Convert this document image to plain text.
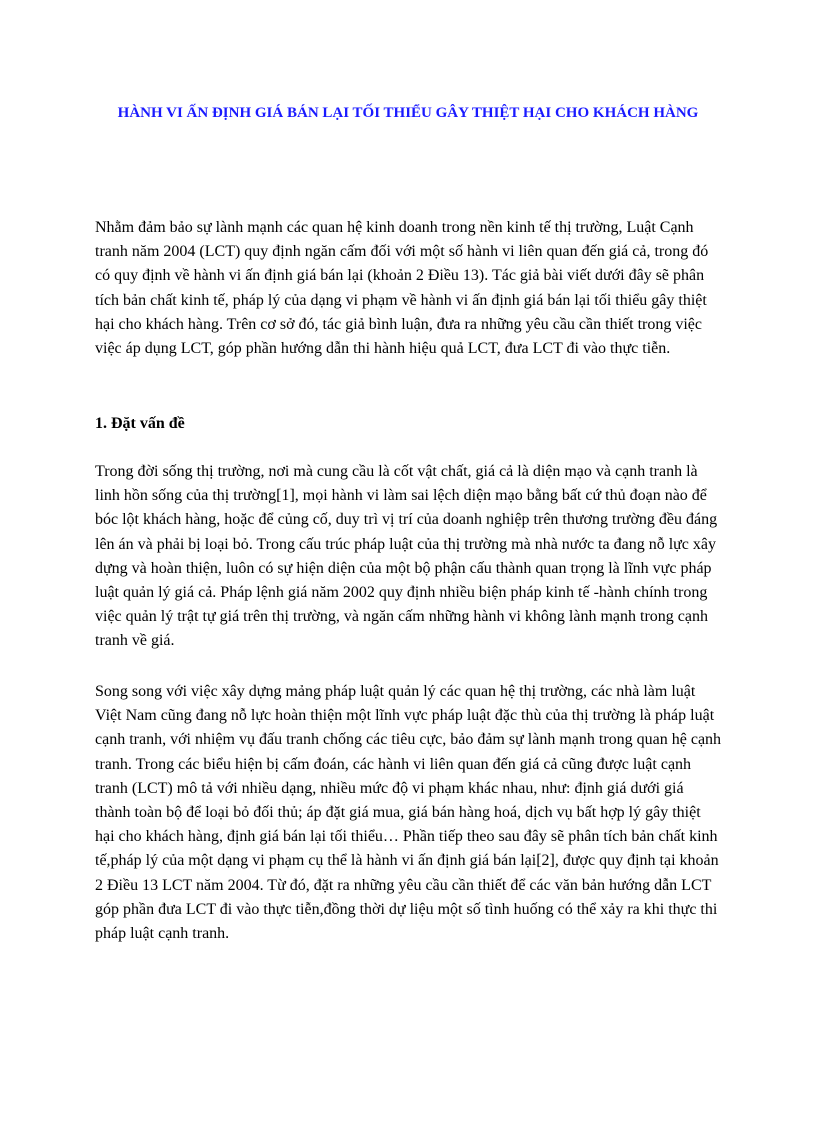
HÀNH VI ẤN ĐỊNH GIÁ BÁN LẠI TỐI THIỂU GÂY THIỆT HẠI CHO KHÁCH HÀNG

Nhằm đảm bảo sự lành mạnh các quan hệ kinh doanh trong nền kinh tế thị trường, Luật Cạnh tranh năm 2004 (LCT) quy định ngăn cấm đối với một số hành vi liên quan đến giá cả, trong đó có quy định về hành vi ấn định giá bán lại (khoản 2 Điều 13). Tác giả bài viết dưới đây sẽ phân tích bản chất kinh tế, pháp lý của dạng vi phạm về hành vi ấn định giá bán lại tối thiểu gây thiệt hại cho khách hàng. Trên cơ sở đó, tác giả bình luận, đưa ra những yêu cầu cần thiết trong việc việc áp dụng LCT, góp phần hướng dẫn thi hành hiệu quả LCT, đưa LCT đi vào thực tiễn.

1. Đặt vấn đề

Trong đời sống thị trường, nơi mà cung cầu là cốt vật chất, giá cả là diện mạo và cạnh tranh là linh hồn sống của thị trường[1], mọi hành vi làm sai lệch diện mạo bằng bất cứ thủ đoạn nào để bóc lột khách hàng, hoặc để củng cố, duy trì vị trí của doanh nghiệp trên thương trường đều đáng lên án và phải bị loại bỏ. Trong cấu trúc pháp luật của thị trường mà nhà nước ta đang nỗ lực xây dựng và hoàn thiện, luôn có sự hiện diện của một bộ phận cấu thành quan trọng là lĩnh vực pháp luật quản lý giá cả. Pháp lệnh giá năm 2002 quy định nhiều biện pháp kinh tế -hành chính trong việc quản lý trật tự giá trên thị trường, và ngăn cấm những hành vi không lành mạnh trong cạnh tranh về giá.

Song song với việc xây dựng mảng pháp luật quản lý các quan hệ thị trường, các nhà làm luật Việt Nam cũng đang nỗ lực hoàn thiện một lĩnh vực pháp luật đặc thù của thị trường là pháp luật cạnh tranh, với nhiệm vụ đấu tranh chống các tiêu cực, bảo đảm sự lành mạnh trong quan hệ cạnh tranh. Trong các biểu hiện bị cấm đoán, các hành vi liên quan đến giá cả cũng được luật cạnh tranh (LCT) mô tả với nhiều dạng, nhiều mức độ vi phạm khác nhau, như: định giá dưới giá thành toàn bộ để loại bỏ đối thủ; áp đặt giá mua, giá bán hàng hoá, dịch vụ bất hợp lý gây thiệt hại cho khách hàng, định giá bán lại tối thiểu… Phần tiếp theo sau đây sẽ phân tích bản chất kinh tế,pháp lý của một dạng vi phạm cụ thể là hành vi ấn định giá bán lại[2], được quy định tại khoản 2 Điều 13 LCT năm 2004. Từ đó, đặt ra những yêu cầu cần thiết để các văn bản hướng dẫn LCT góp phần đưa LCT đi vào thực tiễn,đồng thời dự liệu một số tình huống có thể xảy ra khi thực thi pháp luật cạnh tranh.
